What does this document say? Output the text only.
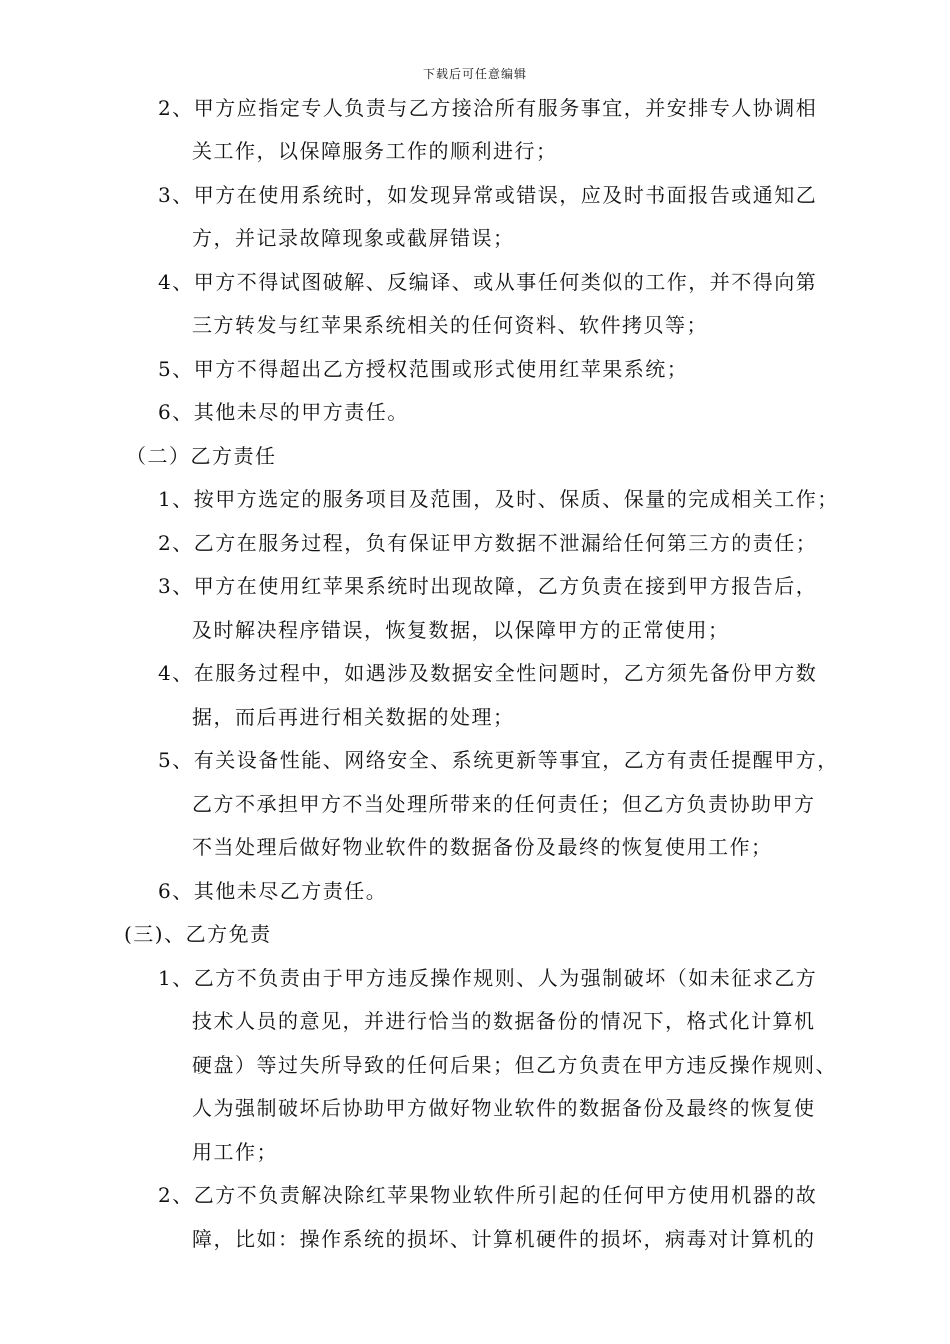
下载后可任意编辑
2、甲方应指定专人负责与乙方接洽所有服务事宜，并安排专人协调相
关工作，以保障服务工作的顺利进行；
3、甲方在使用系统时，如发现异常或错误，应及时书面报告或通知乙
方，并记录故障现象或截屏错误；
4、甲方不得试图破解、反编译、或从事任何类似的工作，并不得向第
三方转发与红苹果系统相关的任何资料、软件拷贝等；
5、甲方不得超出乙方授权范围或形式使用红苹果系统；
6、其他未尽的甲方责任。
（二）乙方责任
1、按甲方选定的服务项目及范围，及时、保质、保量的完成相关工作；
2、乙方在服务过程，负有保证甲方数据不泄漏给任何第三方的责任；
3、甲方在使用红苹果系统时出现故障，乙方负责在接到甲方报告后，
及时解决程序错误，恢复数据，以保障甲方的正常使用；
4、在服务过程中，如遇涉及数据安全性问题时，乙方须先备份甲方数
据，而后再进行相关数据的处理；
5、有关设备性能、网络安全、系统更新等事宜，乙方有责任提醒甲方，
乙方不承担甲方不当处理所带来的任何责任；但乙方负责协助甲方
不当处理后做好物业软件的数据备份及最终的恢复使用工作；
6、其他未尽乙方责任。
(三)、乙方免责
1、乙方不负责由于甲方违反操作规则、人为强制破坏（如未征求乙方
技术人员的意见，并进行恰当的数据备份的情况下，格式化计算机
硬盘）等过失所导致的任何后果；但乙方负责在甲方违反操作规则、
人为强制破坏后协助甲方做好物业软件的数据备份及最终的恢复使
用工作；
2、乙方不负责解决除红苹果物业软件所引起的任何甲方使用机器的故
障，比如：操作系统的损坏、计算机硬件的损坏，病毒对计算机的
